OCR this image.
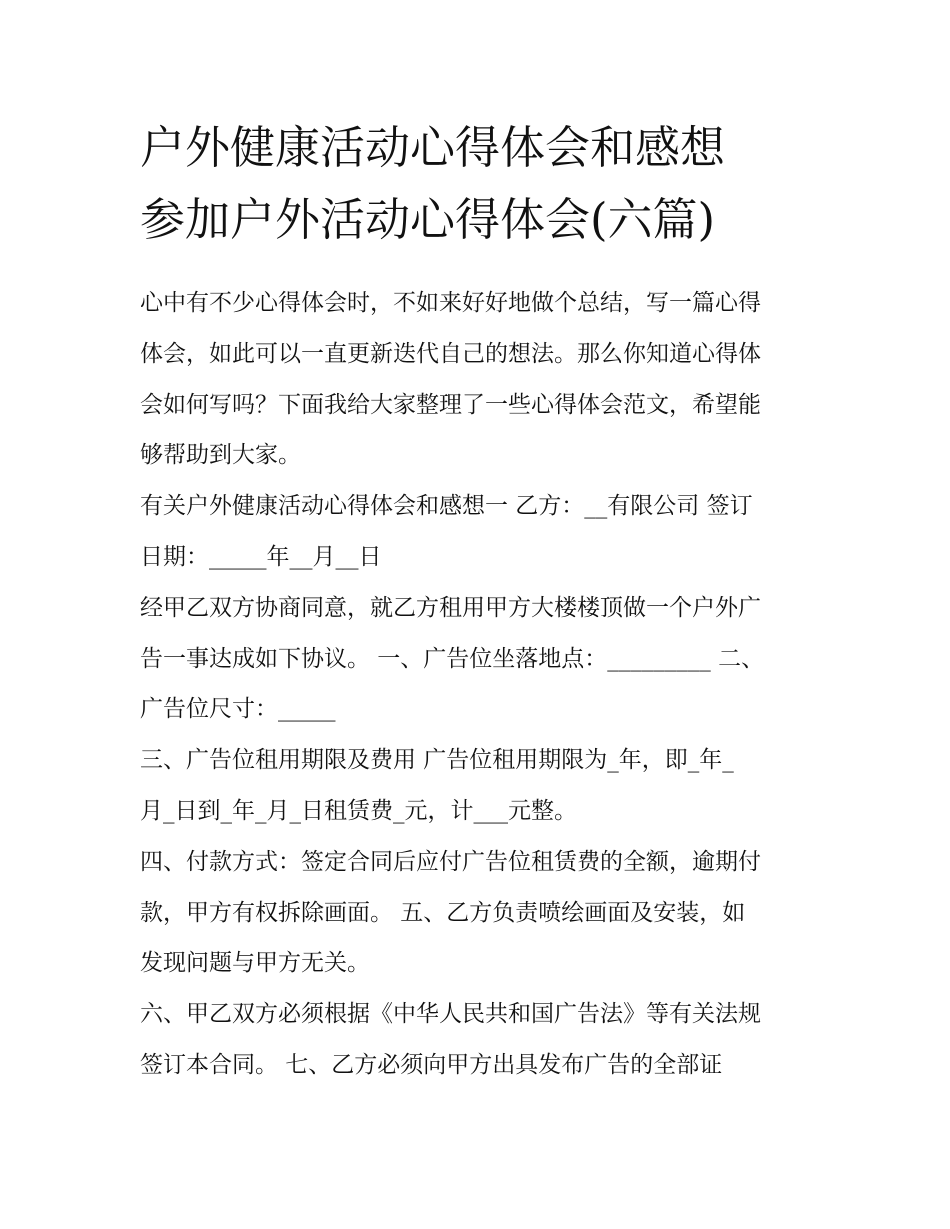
户外健康活动心得体会和感想
参加户外活动心得体会(六篇)
心中有不少心得体会时，不如来好好地做个总结，写一篇心得
体会，如此可以一直更新迭代自己的想法。那么你知道心得体
会如何写吗？下面我给大家整理了一些心得体会范文，希望能
够帮助到大家。
有关户外健康活动心得体会和感想一 乙方：__有限公司 签订
日期：_____年__月__日
经甲乙双方协商同意，就乙方租用甲方大楼楼顶做一个户外广
告一事达成如下协议。 一、广告位坐落地点：_________ 二、
广告位尺寸：_____
三、广告位租用期限及费用 广告位租用期限为_年，即_年_
月_日到_年_月_日租赁费_元，计___元整。
四、付款方式：签定合同后应付广告位租赁费的全额，逾期付
款，甲方有权拆除画面。 五、乙方负责喷绘画面及安装，如
发现问题与甲方无关。
六、甲乙双方必须根据《中华人民共和国广告法》等有关法规
签订本合同。 七、乙方必须向甲方出具发布广告的全部证
